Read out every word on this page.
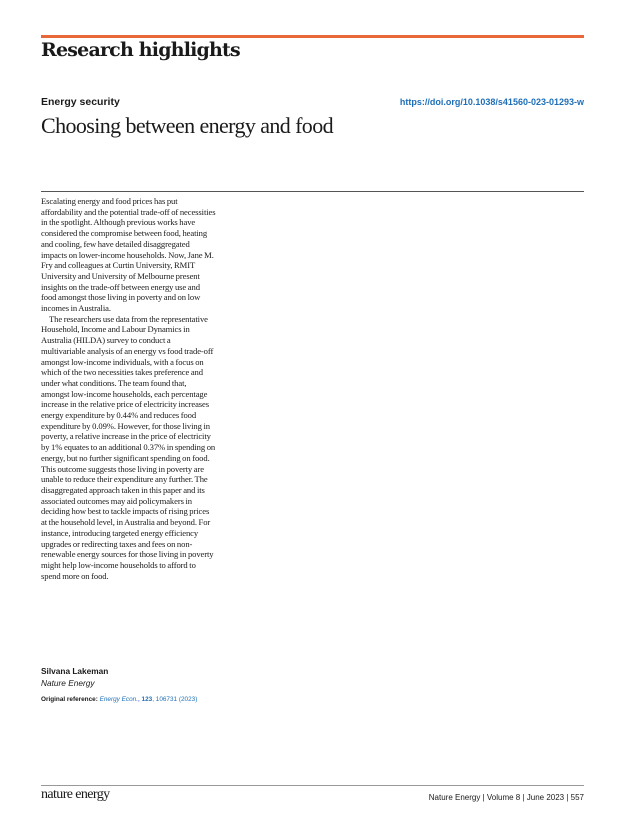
Research highlights
Energy security	https://doi.org/10.1038/s41560-023-01293-w
Choosing between energy and food

Escalating energy and food prices has put affordability and the potential trade-off of necessities in the spotlight. Although previous works have considered the compromise between food, heating and cooling, few have detailed disaggregated impacts on lower-income households. Now, Jane M. Fry and colleagues at Curtin University, RMIT University and University of Melbourne present insights on the trade-off between energy use and food amongst those living in poverty and on low incomes in Australia.

The researchers use data from the representative Household, Income and Labour Dynamics in Australia (HILDA) survey to conduct a multivariable analysis of an energy vs food trade-off amongst low-income individuals, with a focus on which of the two necessities takes preference and under what conditions. The team found that, amongst low-income households, each percentage increase in the relative price of electricity increases energy expenditure by 0.44% and reduces food expenditure by 0.09%. However, for those living in poverty, a relative increase in the price of electricity by 1% equates to an additional 0.37% in spending on energy, but no further significant spending on food. This outcome suggests those living in poverty are unable to reduce their expenditure any further. The disaggregated approach taken in this paper and its associated outcomes may aid policymakers in deciding how best to tackle impacts of rising prices at the household level, in Australia and beyond. For instance, introducing targeted energy efficiency upgrades or redirecting taxes and fees on non-renewable energy sources for those living in poverty might help low-income households to afford to spend more on food.

Silvana Lakeman
Nature Energy
Original reference: Energy Econ., 123, 106731 (2023)
nature energy	Nature Energy | Volume 8 | June 2023 | 557
